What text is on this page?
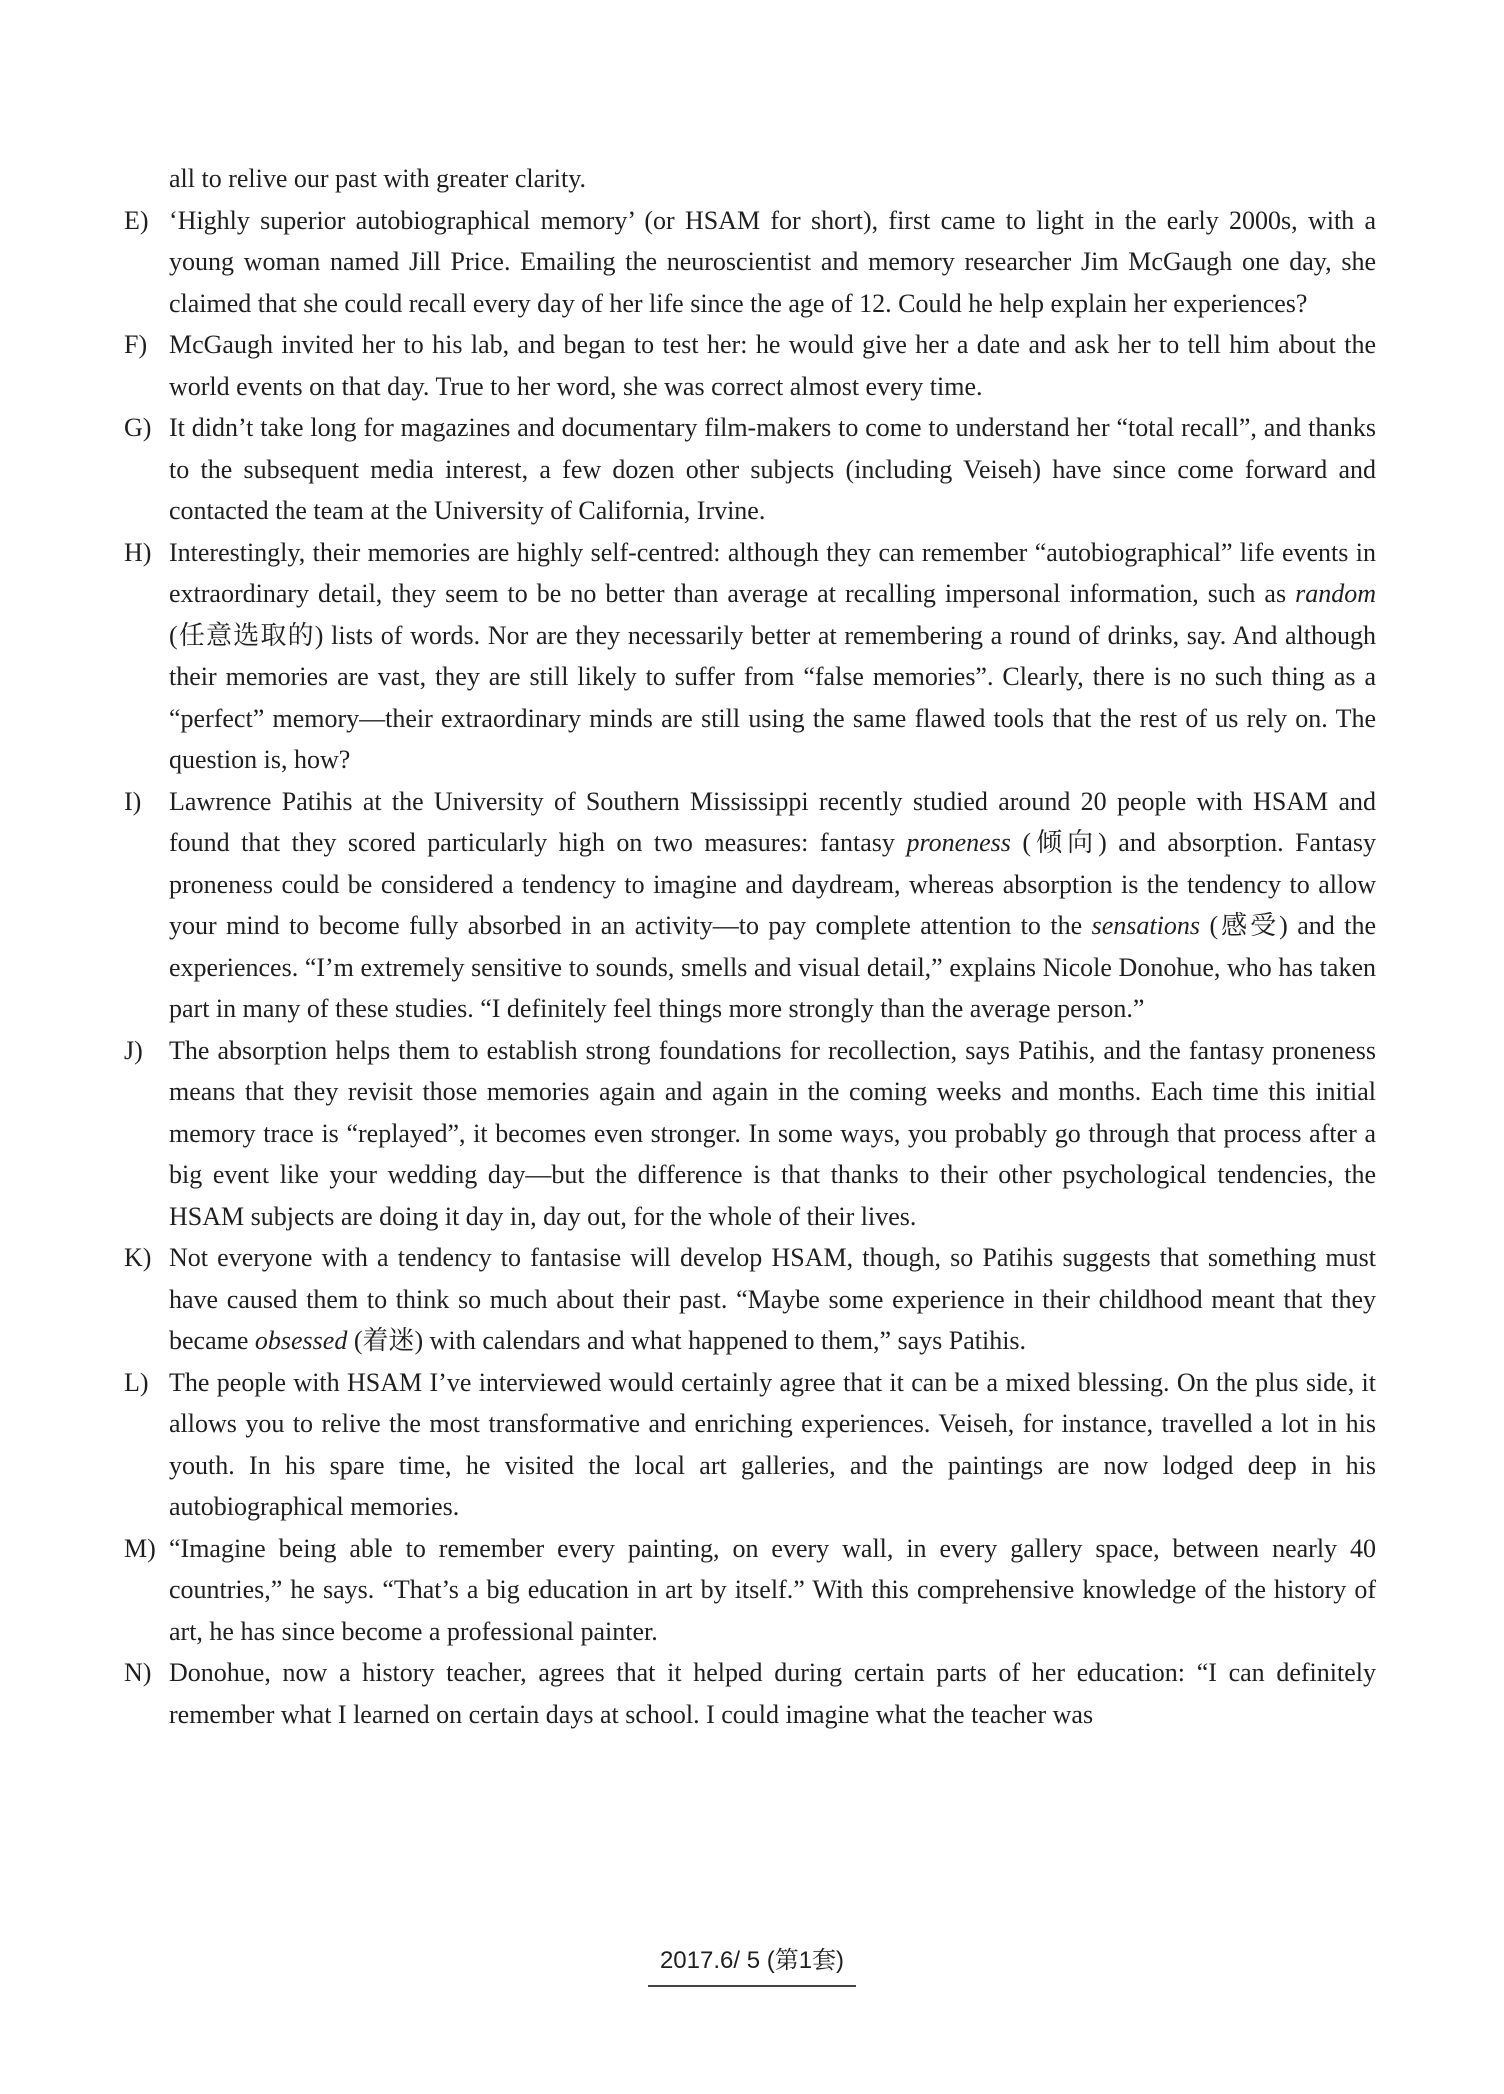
all to relive our past with greater clarity.
E) ‘Highly superior autobiographical memory’ (or HSAM for short), first came to light in the early 2000s, with a young woman named Jill Price. Emailing the neuroscientist and memory researcher Jim McGaugh one day, she claimed that she could recall every day of her life since the age of 12. Could he help explain her experiences?
F) McGaugh invited her to his lab, and began to test her: he would give her a date and ask her to tell him about the world events on that day. True to her word, she was correct almost every time.
G) It didn’t take long for magazines and documentary film-makers to come to understand her “total recall”, and thanks to the subsequent media interest, a few dozen other subjects (including Veiseh) have since come forward and contacted the team at the University of California, Irvine.
H) Interestingly, their memories are highly self-centred: although they can remember “autobiographical” life events in extraordinary detail, they seem to be no better than average at recalling impersonal information, such as random (任意选取的) lists of words. Nor are they necessarily better at remembering a round of drinks, say. And although their memories are vast, they are still likely to suffer from “false memories”. Clearly, there is no such thing as a “perfect” memory—their extraordinary minds are still using the same flawed tools that the rest of us rely on. The question is, how?
I)	Lawrence Patihis at the University of Southern Mississippi recently studied around 20 people with HSAM and found that they scored particularly high on two measures: fantasy proneness (倾向) and absorption. Fantasy proneness could be considered a tendency to imagine and daydream, whereas absorption is the tendency to allow your mind to become fully absorbed in an activity—to pay complete attention to the sensations (感受) and the experiences. “I’m extremely sensitive to sounds, smells and visual detail,” explains Nicole Donohue, who has taken part in many of these studies. “I definitely feel things more strongly than the average person.”
J)	The absorption helps them to establish strong foundations for recollection, says Patihis, and the fantasy proneness means that they revisit those memories again and again in the coming weeks and months. Each time this initial memory trace is “replayed”, it becomes even stronger. In some ways, you probably go through that process after a big event like your wedding day—but the difference is that thanks to their other psychological tendencies, the HSAM subjects are doing it day in, day out, for the whole of their lives.
K) Not everyone with a tendency to fantasise will develop HSAM, though, so Patihis suggests that something must have caused them to think so much about their past. “Maybe some experience in their childhood meant that they became obsessed (着迷) with calendars and what happened to them,” says Patihis.
L) The people with HSAM I’ve interviewed would certainly agree that it can be a mixed blessing. On the plus side, it allows you to relive the most transformative and enriching experiences. Veiseh, for instance, travelled a lot in his youth. In his spare time, he visited the local art galleries, and the paintings are now lodged deep in his autobiographical memories.
M) “Imagine being able to remember every painting, on every wall, in every gallery space, between nearly 40 countries,” he says. “That’s a big education in art by itself.” With this comprehensive knowledge of the history of art, he has since become a professional painter.
N) Donohue, now a history teacher, agrees that it helped during certain parts of her education: “I can definitely remember what I learned on certain days at school. I could imagine what the teacher was
2017.6/ 5 (第1套)
